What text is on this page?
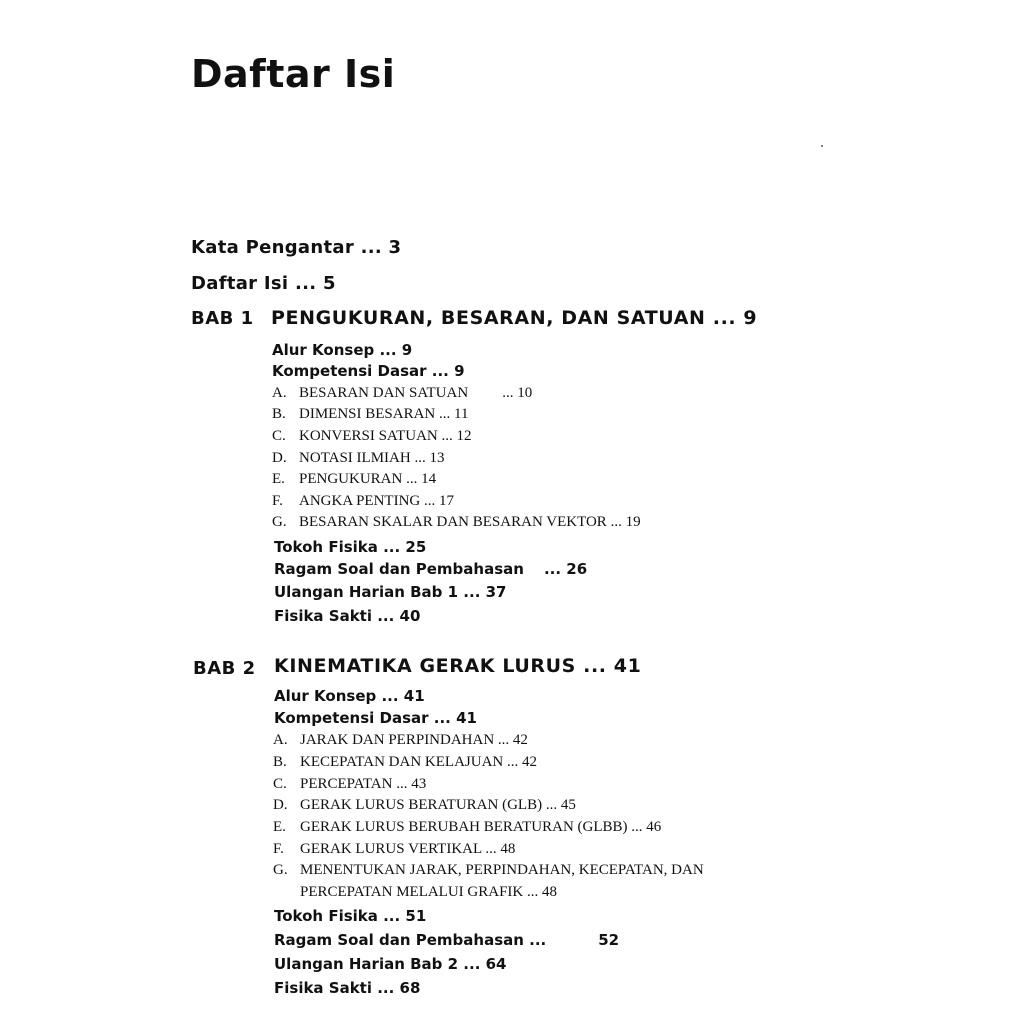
Daftar Isi
Kata Pengantar ... 3
Daftar Isi ... 5
BAB 1 PENGUKURAN, BESARAN, DAN SATUAN ... 9
Alur Konsep ... 9
Kompetensi Dasar ... 9
A. BESARAN DAN SATUAN ... 10
B. DIMENSI BESARAN ... 11
C. KONVERSI SATUAN ... 12
D. NOTASI ILMIAH ... 13
E. PENGUKURAN ... 14
F. ANGKA PENTING ... 17
G. BESARAN SKALAR DAN BESARAN VEKTOR ... 19
Tokoh Fisika ... 25
Ragam Soal dan Pembahasan ... 26
Ulangan Harian Bab 1 ... 37
Fisika Sakti ... 40
BAB 2 KINEMATIKA GERAK LURUS ... 41
Alur Konsep ... 41
Kompetensi Dasar ... 41
A. JARAK DAN PERPINDAHAN ... 42
B. KECEPATAN DAN KELAJUAN ... 42
C. PERCEPATAN ... 43
D. GERAK LURUS BERATURAN (GLB) ... 45
E. GERAK LURUS BERUBAH BERATURAN (GLBB) ... 46
F. GERAK LURUS VERTIKAL ... 48
G. MENENTUKAN JARAK, PERPINDAHAN, KECEPATAN, DAN
PERCEPATAN MELALUI GRAFIK ... 48
Tokoh Fisika ... 51
Ragam Soal dan Pembahasan ...	52
Ulangan Harian Bab 2 ... 64
Fisika Sakti ... 68
